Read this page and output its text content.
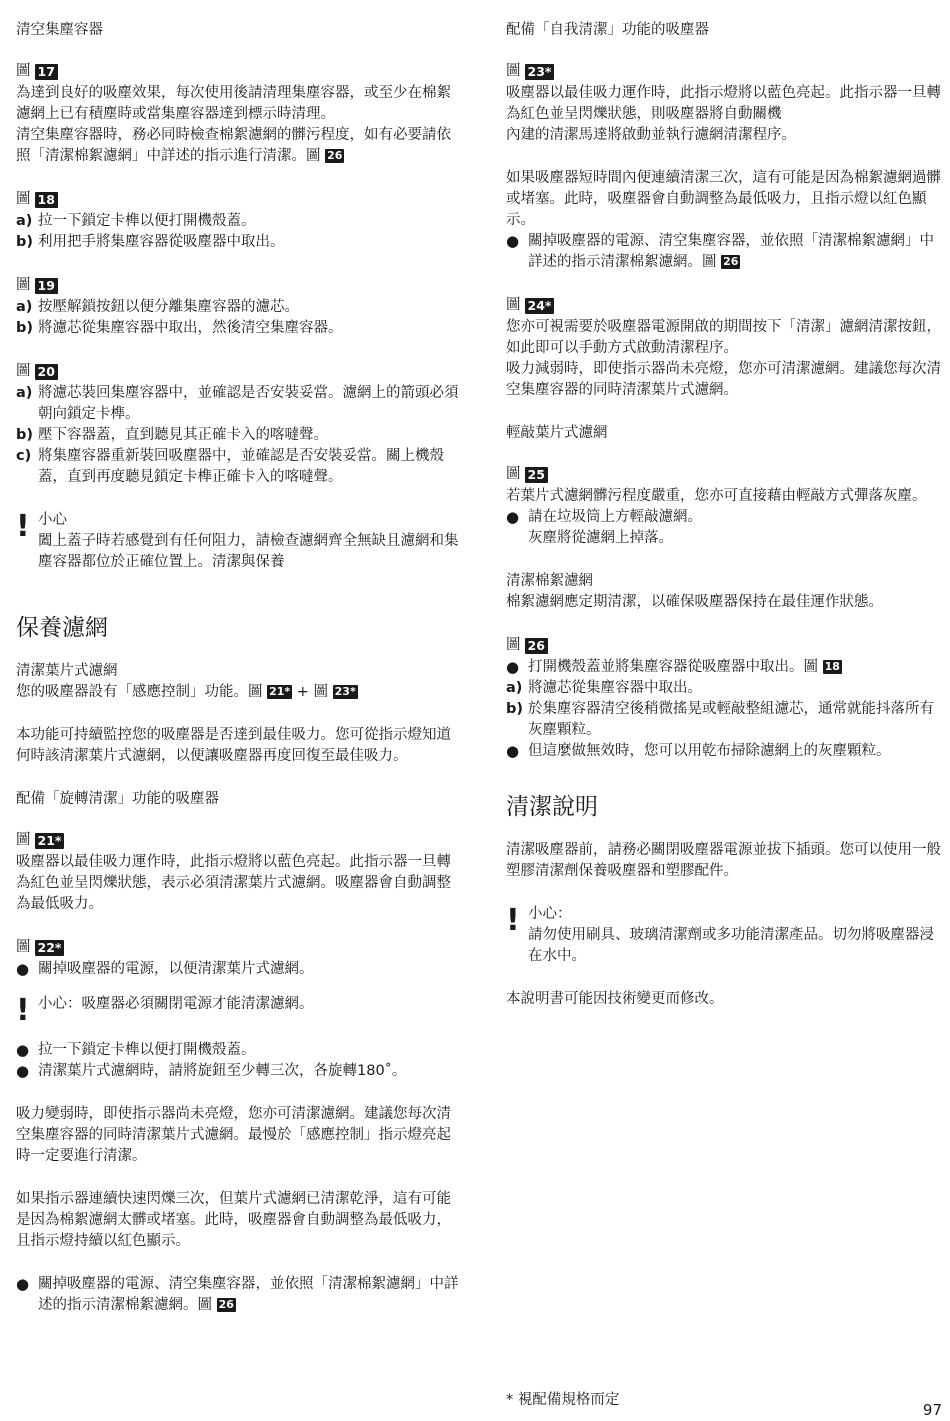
清空集塵容器

圖 17

為達到良好的吸塵效果，每次使用後請清理集塵容器，或至少在棉絮濾網上已有積塵時或當集塵容器達到標示時清理。

清空集塵容器時，務必同時檢查棉絮濾網的髒污程度，如有必要請依照「清潔棉絮濾網」中詳述的指示進行清潔。圖 26

圖 18
a) 拉一下鎖定卡榫以便打開機殼蓋。
b) 利用把手將集塵容器從吸塵器中取出。
圖 19
a) 按壓解鎖按鈕以便分離集塵容器的濾芯。
b) 將濾芯從集塵容器中取出，然後清空集塵容器。
圖 20
a) 將濾芯裝回集塵容器中，並確認是否安裝妥當。濾網上的箭頭必須朝向鎖定卡榫。
b) 壓下容器蓋，直到聽見其正確卡入的喀噠聲。
c) 將集塵容器重新裝回吸塵器中，並確認是否安裝妥當。關上機殼蓋，直到再度聽見鎖定卡榫正確卡入的喀噠聲。
! 小心

闔上蓋子時若感覺到有任何阻力，請檢查濾網齊全無缺且濾網和集塵容器都位於正確位置上。清潔與保養

保養濾網

清潔葉片式濾網

您的吸塵器設有「感應控制」功能。圖 21* + 圖 23*

本功能可持續監控您的吸塵器是否達到最佳吸力。您可從指示燈知道何時該清潔葉片式濾網，以便讓吸塵器再度回復至最佳吸力。

配備「旋轉清潔」功能的吸塵器

圖 21*

吸塵器以最佳吸力運作時，此指示燈將以藍色亮起。此指示器一旦轉為紅色並呈閃爍狀態，表示必須清潔葉片式濾網。吸塵器會自動調整為最低吸力。

圖 22*
● 關掉吸塵器的電源，以便清潔葉片式濾網。
! 小心：吸塵器必須關閉電源才能清潔濾網。

● 拉一下鎖定卡榫以便打開機殼蓋。
● 清潔葉片式濾網時，請將旋鈕至少轉三次，各旋轉180˚。

吸力變弱時，即使指示器尚未亮燈，您亦可清潔濾網。建議您每次清空集塵容器的同時清潔葉片式濾網。最慢於「感應控制」指示燈亮起時一定要進行清潔。

如果指示器連續快速閃爍三次，但葉片式濾網已清潔乾淨，這有可能是因為棉絮濾網太髒或堵塞。此時，吸塵器會自動調整為最低吸力，且指示燈持續以紅色顯示。

● 關掉吸塵器的電源、清空集塵容器，並依照「清潔棉絮濾網」中詳述的指示清潔棉絮濾網。圖 26

配備「自我清潔」功能的吸塵器

圖 23*

吸塵器以最佳吸力運作時，此指示燈將以藍色亮起。此指示器一旦轉為紅色並呈閃爍狀態，則吸塵器將自動關機

內建的清潔馬達將啟動並執行濾網清潔程序。

如果吸塵器短時間內便連續清潔三次，這有可能是因為棉絮濾網過髒或堵塞。此時，吸塵器會自動調整為最低吸力，且指示燈以紅色顯示。

● 關掉吸塵器的電源、清空集塵容器，並依照「清潔棉絮濾網」中詳述的指示清潔棉絮濾網。圖 26
圖 24*

您亦可視需要於吸塵器電源開啟的期間按下「清潔」濾網清潔按鈕，如此即可以手動方式啟動清潔程序。

吸力減弱時，即使指示器尚未亮燈，您亦可清潔濾網。建議您每次清空集塵容器的同時清潔葉片式濾網。

輕敲葉片式濾網

圖 25

若葉片式濾網髒污程度嚴重，您亦可直接藉由輕敲方式彈落灰塵。

● 請在垃圾筒上方輕敲濾網。
灰塵將從濾網上掉落。

清潔棉絮濾網

棉絮濾網應定期清潔，以確保吸塵器保持在最佳運作狀態。

圖 26
● 打開機殼蓋並將集塵容器從吸塵器中取出。圖 18
a) 將濾芯從集塵容器中取出。
b) 於集塵容器清空後稍微搖晃或輕敲整組濾芯，通常就能抖落所有灰塵顆粒。
● 但這麼做無效時，您可以用乾布掃除濾網上的灰塵顆粒。
清潔說明

清潔吸塵器前，請務必關閉吸塵器電源並拔下插頭。您可以使用一般塑膠清潔劑保養吸塵器和塑膠配件。

! 小心：

請勿使用刷具、玻璃清潔劑或多功能清潔產品。切勿將吸塵器浸在水中。

本說明書可能因技術變更而修改。

* 視配備規格而定
97
